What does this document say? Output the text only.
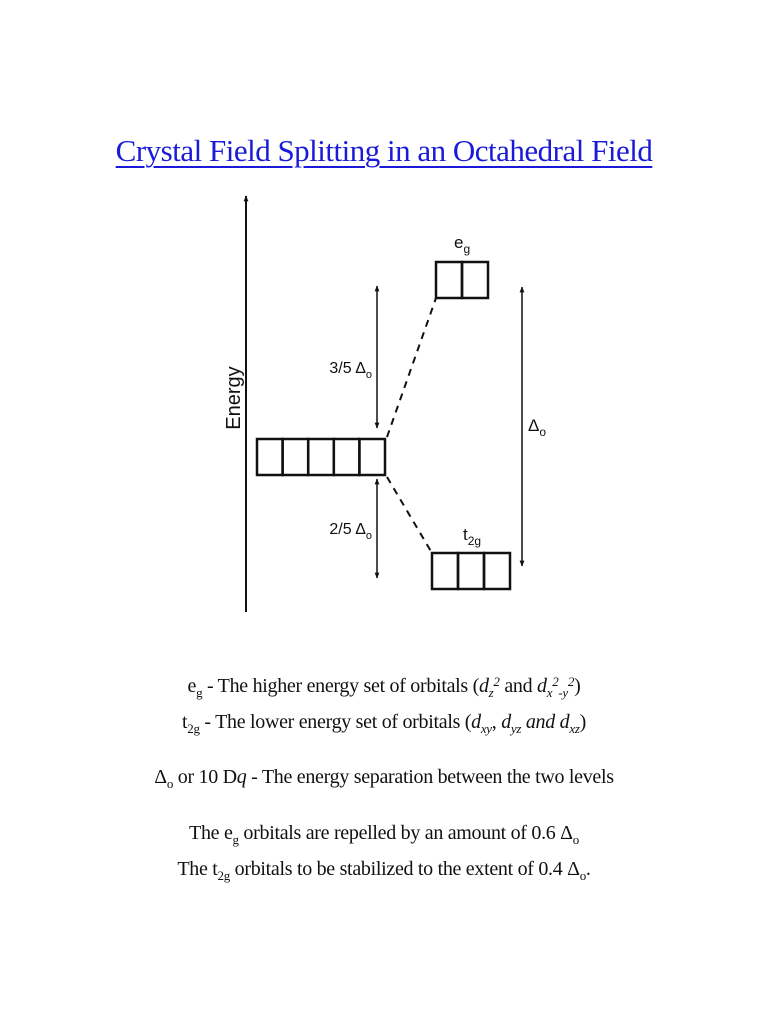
Crystal Field Splitting in an Octahedral Field
Energy
$e_g$
$t_{2g}$
3/5 $\Delta_o$
2/5 $\Delta_o$
$\Delta_o$

$e_g$ - The higher energy set of orbitals ($d_z^2$ and $d_x^2_{-y}^2$)

$t_{2g}$ - The lower energy set of orbitals ($d_{xy}$, $d_{yz}$ and $d_{xz}$)

$\Delta_o$ or 10 Dq - The energy separation between the two levels

The $e_g$ orbitals are repelled by an amount of 0.6 $\Delta_o$

The $t_{2g}$ orbitals to be stabilized to the extent of 0.4 $\Delta_o$.
